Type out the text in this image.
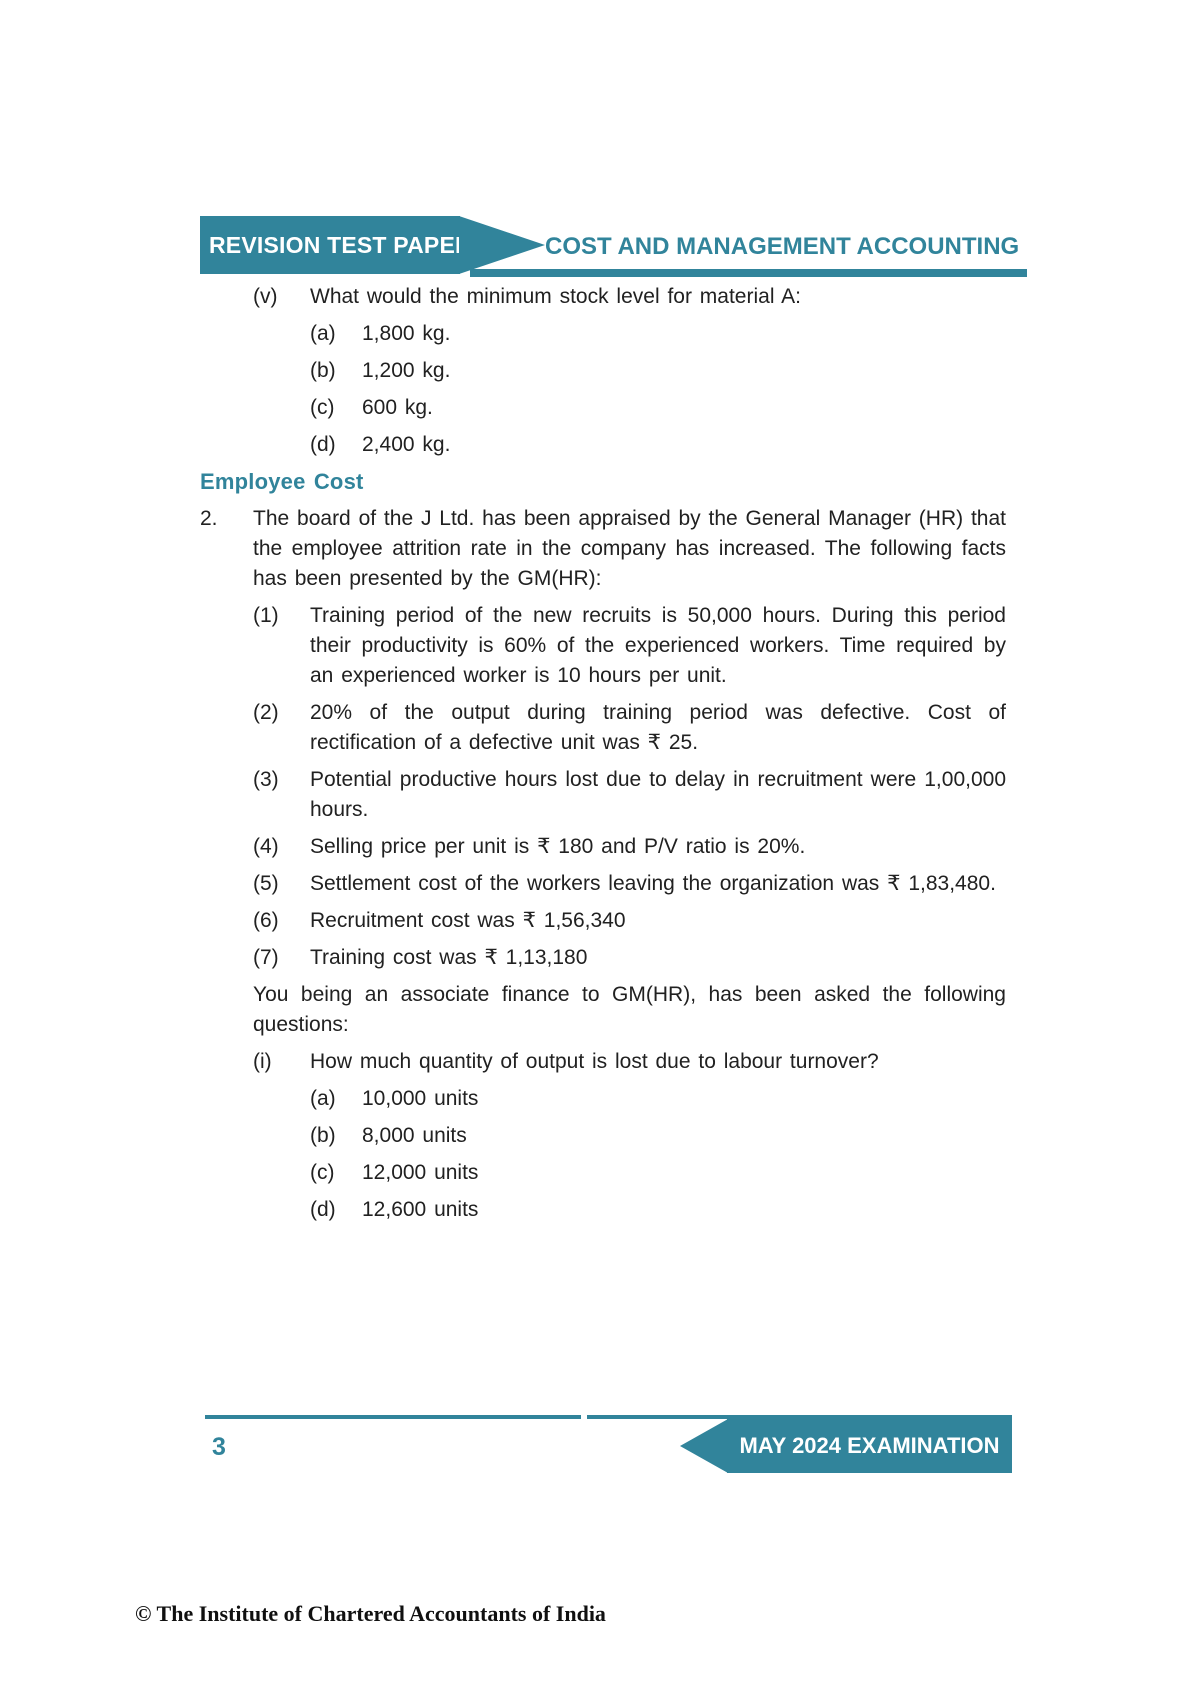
REVISION TEST PAPER	COST AND MANAGEMENT ACCOUNTING
(v)	What would the minimum stock level for material A:
(a)	1,800 kg.
(b)	1,200 kg.
(c)	600 kg.
(d)	2,400 kg.
Employee Cost
2.	The board of the J Ltd. has been appraised by the General Manager (HR) that the employee attrition rate in the company has increased. The following facts has been presented by the GM(HR):
(1)	Training period of the new recruits is 50,000 hours. During this period their productivity is 60% of the experienced workers. Time required by an experienced worker is 10 hours per unit.
(2)	20% of the output during training period was defective. Cost of rectification of a defective unit was ₹ 25.
(3)	Potential productive hours lost due to delay in recruitment were 1,00,000 hours.
(4)	Selling price per unit is ₹ 180 and P/V ratio is 20%.
(5)	Settlement cost of the workers leaving the organization was ₹ 1,83,480.
(6)	Recruitment cost was ₹ 1,56,340
(7)	Training cost was ₹ 1,13,180
You being an associate finance to GM(HR), has been asked the following questions:
(i)	How much quantity of output is lost due to labour turnover?
(a)	10,000 units
(b)	8,000 units
(c)	12,000 units
(d)	12,600 units
MAY 2024 EXAMINATION
3
© The Institute of Chartered Accountants of India
